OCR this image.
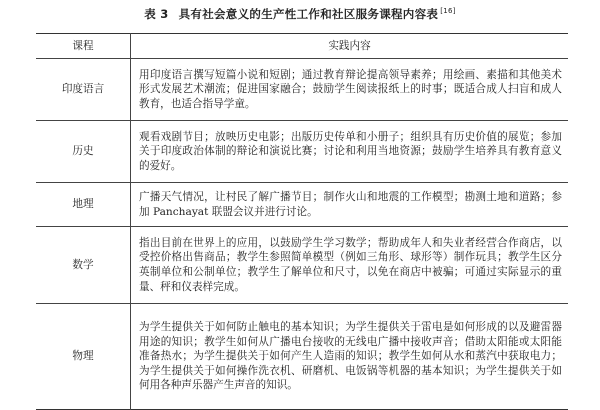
表 3 具有社会意义的生产性工作和社区服务课程内容表 [16]
课程	实践内容
印度语言	用印度语言撰写短篇小说和短剧；通过教育辩论提高领导素养；用绘画、素描和其他美术形式发展艺术潮流；促进国家融合；鼓励学生阅读报纸上的时事；既适合成人扫盲和成人教育，也适合指导学童。
历史	观看戏剧节目；放映历史电影；出版历史传单和小册子；组织具有历史价值的展览；参加关于印度政治体制的辩论和演说比赛；讨论和利用当地资源；鼓励学生培养具有教育意义的爱好。
地理	广播天气情况，让村民了解广播节目；制作火山和地震的工作模型；勘测土地和道路；参加 Panchayat 联盟会议并进行讨论。
数学	指出目前在世界上的应用，以鼓励学生学习数学；帮助成年人和失业者经营合作商店，以受控价格出售商品；教学生参照简单模型（例如三角形、球形等）制作玩具；教学生区分英制单位和公制单位；教学生了解单位和尺寸，以免在商店中被骗；可通过实际显示的重量、秤和仪表样完成。
物理	为学生提供关于如何防止触电的基本知识；为学生提供关于雷电是如何形成的以及避雷器用途的知识；教学生如何从广播电台接收的无线电广播中接收声音；借助太阳能或太阳能准备热水；为学生提供关于如何产生人造雨的知识；教学生如何从水和蒸汽中获取电力；为学生提供关于如何操作洗衣机、研磨机、电饭锅等机器的基本知识；为学生提供关于如何用各种声乐器产生声音的知识。
